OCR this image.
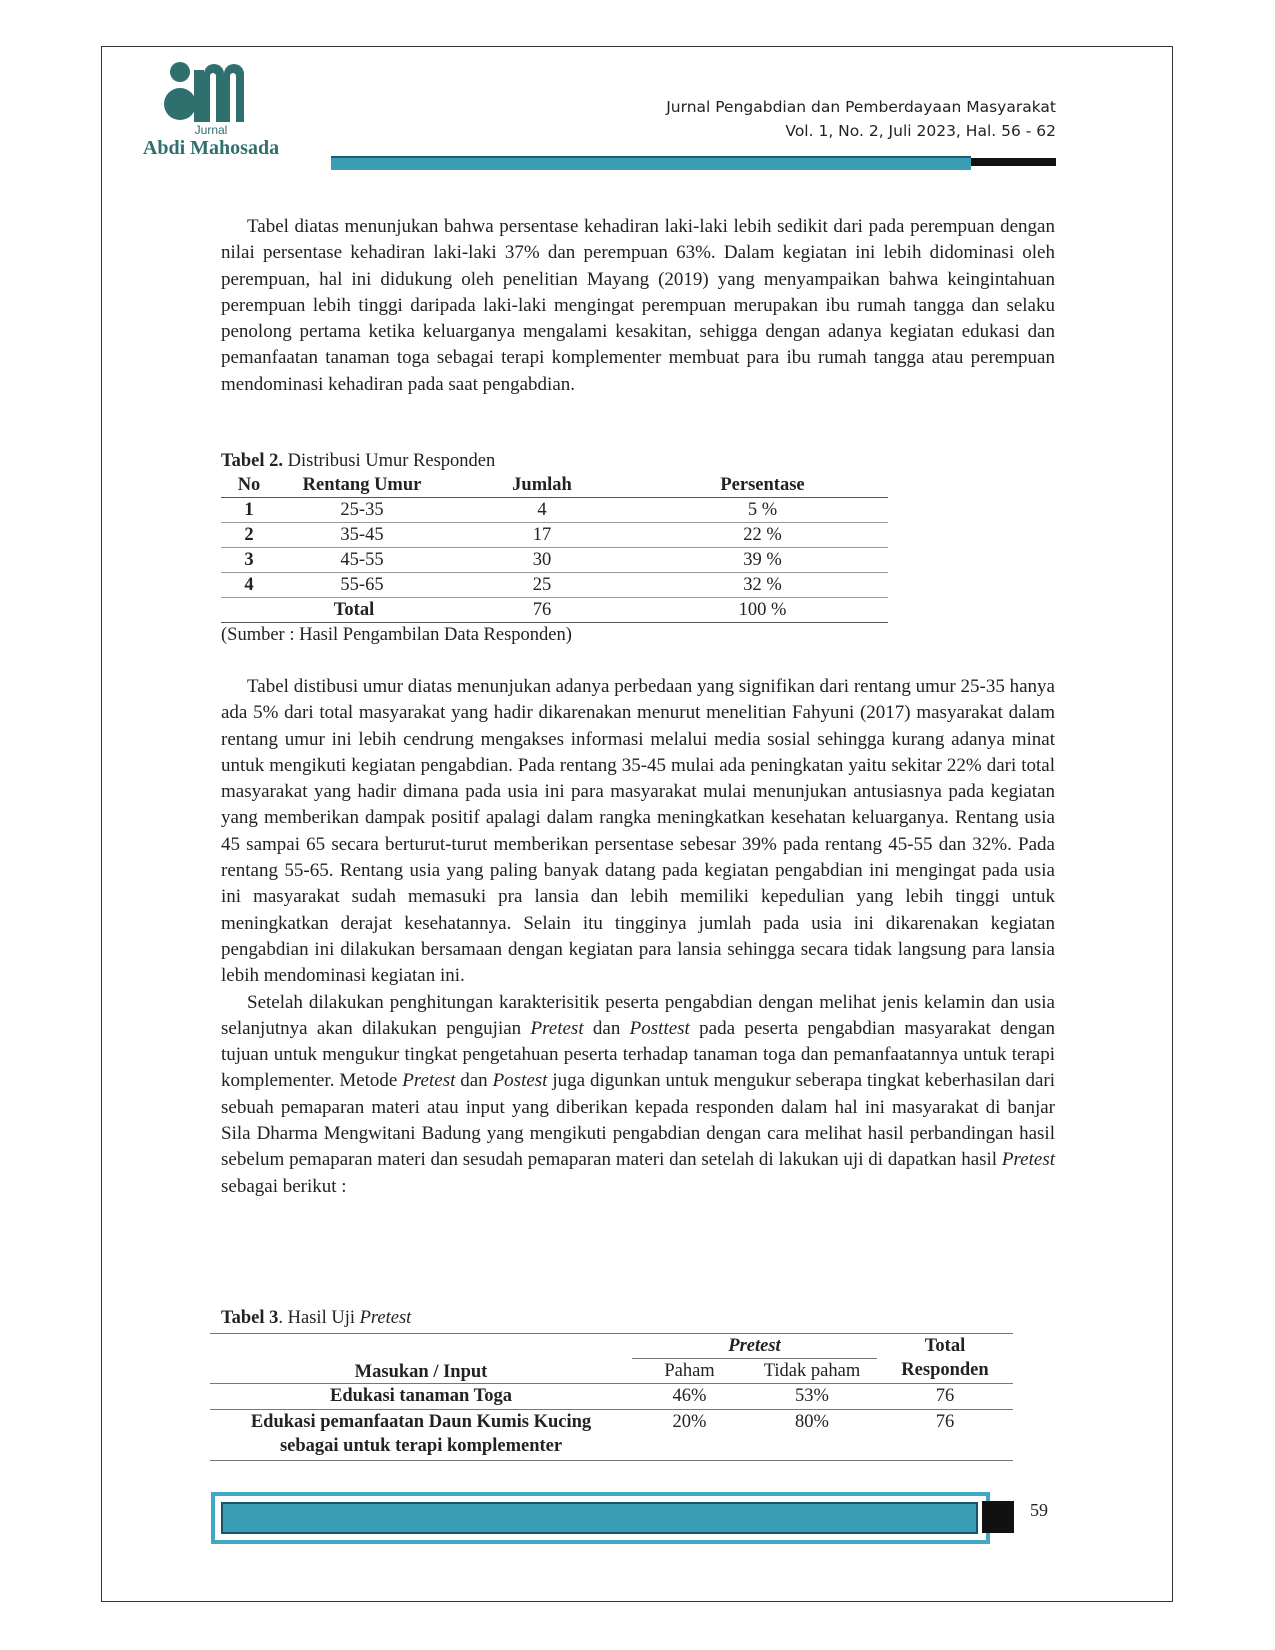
Jurnal
Abdi Mahosada
Jurnal Pengabdian dan Pemberdayaan Masyarakat
Vol. 1, No. 2, Juli 2023, Hal. 56 - 62

Tabel diatas menunjukan bahwa persentase kehadiran laki-laki lebih sedikit dari pada perempuan dengan nilai persentase kehadiran laki-laki 37% dan perempuan 63%. Dalam kegiatan ini lebih didominasi oleh perempuan, hal ini didukung oleh penelitian Mayang (2019) yang menyampaikan bahwa keingintahuan perempuan lebih tinggi daripada laki-laki mengingat perempuan merupakan ibu rumah tangga dan selaku penolong pertama ketika keluarganya mengalami kesakitan, sehigga dengan adanya kegiatan edukasi dan pemanfaatan tanaman toga sebagai terapi komplementer membuat para ibu rumah tangga atau perempuan mendominasi kehadiran pada saat pengabdian.

Tabel 2. Distribusi Umur Responden

No	Rentang Umur	Jumlah	Persentase
1	25-35	4	5 %
2	35-45	17	22 %
3	45-55	30	39 %
4	55-65	25	32 %
Total		76	100 %

(Sumber : Hasil Pengambilan Data Responden)

Tabel distibusi umur diatas menunjukan adanya perbedaan yang signifikan dari rentang umur 25-35 hanya ada 5% dari total masyarakat yang hadir dikarenakan menurut menelitian Fahyuni (2017) masyarakat dalam rentang umur ini lebih cendrung mengakses informasi melalui media sosial sehingga kurang adanya minat untuk mengikuti kegiatan pengabdian. Pada rentang 35-45 mulai ada peningkatan yaitu sekitar 22% dari total masyarakat yang hadir dimana pada usia ini para masyarakat mulai menunjukan antusiasnya pada kegiatan yang memberikan dampak positif apalagi dalam rangka meningkatkan kesehatan keluarganya. Rentang usia 45 sampai 65 secara berturut-turut memberikan persentase sebesar 39% pada rentang 45-55 dan 32%. Pada rentang 55-65. Rentang usia yang paling banyak datang pada kegiatan pengabdian ini mengingat pada usia ini masyarakat sudah memasuki pra lansia dan lebih memiliki kepedulian yang lebih tinggi untuk meningkatkan derajat kesehatannya. Selain itu tingginya jumlah pada usia ini dikarenakan kegiatan pengabdian ini dilakukan bersamaan dengan kegiatan para lansia sehingga secara tidak langsung para lansia lebih mendominasi kegiatan ini.

Setelah dilakukan penghitungan karakterisitik peserta pengabdian dengan melihat jenis kelamin dan usia selanjutnya akan dilakukan pengujian Pretest dan Posttest pada peserta pengabdian masyarakat dengan tujuan untuk mengukur tingkat pengetahuan peserta terhadap tanaman toga dan pemanfaatannya untuk terapi komplementer. Metode Pretest dan Postest juga digunkan untuk mengukur seberapa tingkat keberhasilan dari sebuah pemaparan materi atau input yang diberikan kepada responden dalam hal ini masyarakat di banjar Sila Dharma Mengwitani Badung yang mengikuti pengabdian dengan cara melihat hasil perbandingan hasil sebelum pemaparan materi dan sesudah pemaparan materi dan setelah di lakukan uji di dapatkan hasil Pretest sebagai berikut :

Tabel 3. Hasil Uji Pretest

Masukan / Input	Pretest		Total
	Paham	Tidak paham	Responden
Edukasi tanaman Toga	46%	53%	76

Edukasi pemanfaatan Daun Kumis Kucing
sebagai untuk terapi komplementer	20%	80%	76
59
